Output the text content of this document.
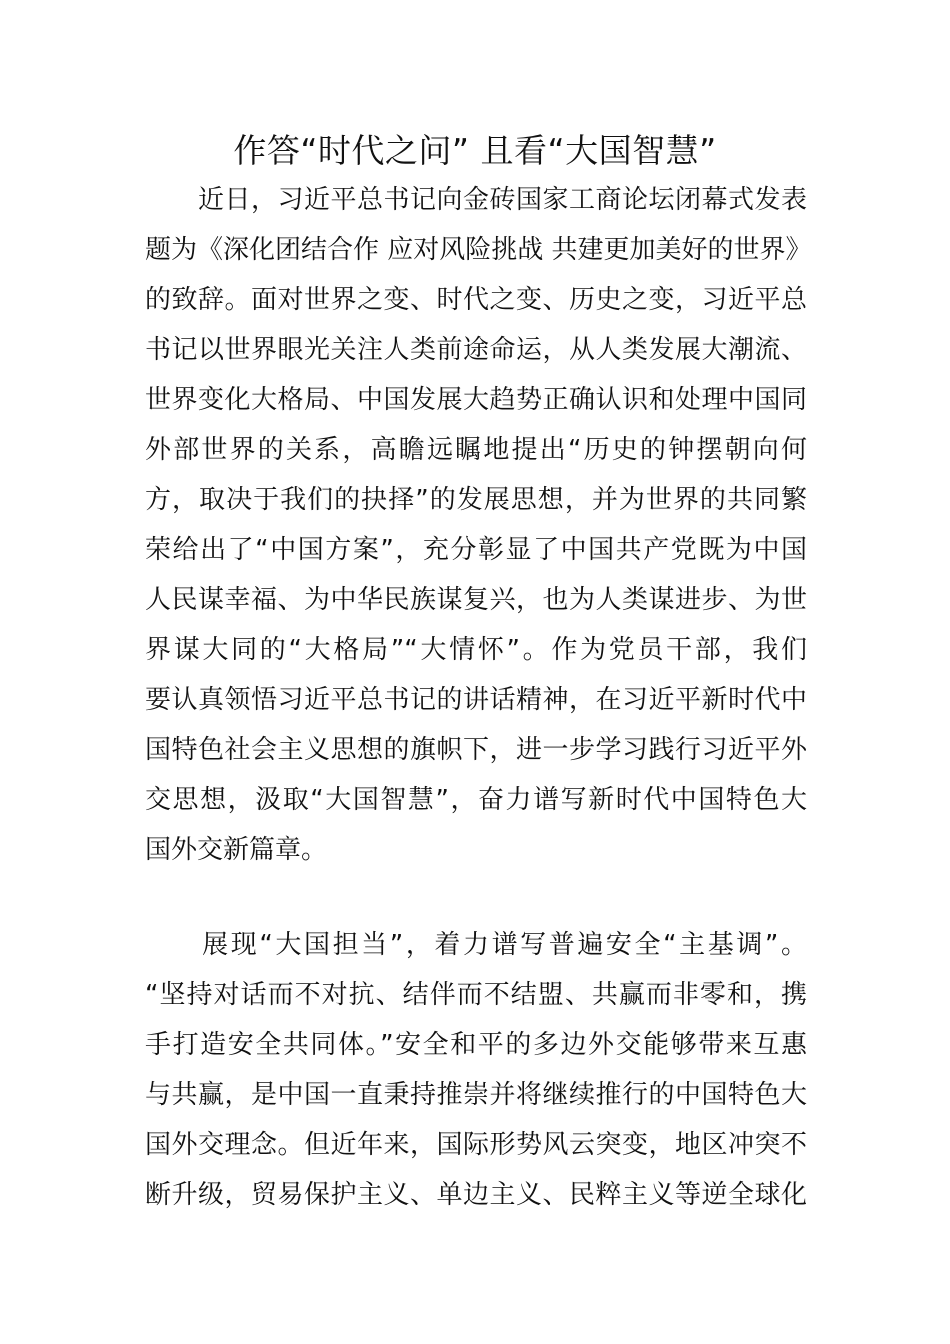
作答“时代之问” 且看“大国智慧”
　　近日，习近平总书记向金砖国家工商论坛闭幕式发表
题为《深化团结合作 应对风险挑战 共建更加美好的世界》
的致辞。面对世界之变、时代之变、历史之变，习近平总
书记以世界眼光关注人类前途命运，从人类发展大潮流、
世界变化大格局、中国发展大趋势正确认识和处理中国同
外部世界的关系，高瞻远瞩地提出“历史的钟摆朝向何
方，取决于我们的抉择”的发展思想，并为世界的共同繁
荣给出了“中国方案”，充分彰显了中国共产党既为中国
人民谋幸福、为中华民族谋复兴，也为人类谋进步、为世
界谋大同的“大格局”“大情怀”。作为党员干部，我们
要认真领悟习近平总书记的讲话精神，在习近平新时代中
国特色社会主义思想的旗帜下，进一步学习践行习近平外
交思想，汲取“大国智慧”，奋力谱写新时代中国特色大
国外交新篇章。
　　展现“大国担当”，着力谱写普遍安全“主基调”。
“坚持对话而不对抗、结伴而不结盟、共赢而非零和，携
手打造安全共同体。”安全和平的多边外交能够带来互惠
与共赢，是中国一直秉持推崇并将继续推行的中国特色大
国外交理念。但近年来，国际形势风云突变，地区冲突不
断升级，贸易保护主义、单边主义、民粹主义等逆全球化
